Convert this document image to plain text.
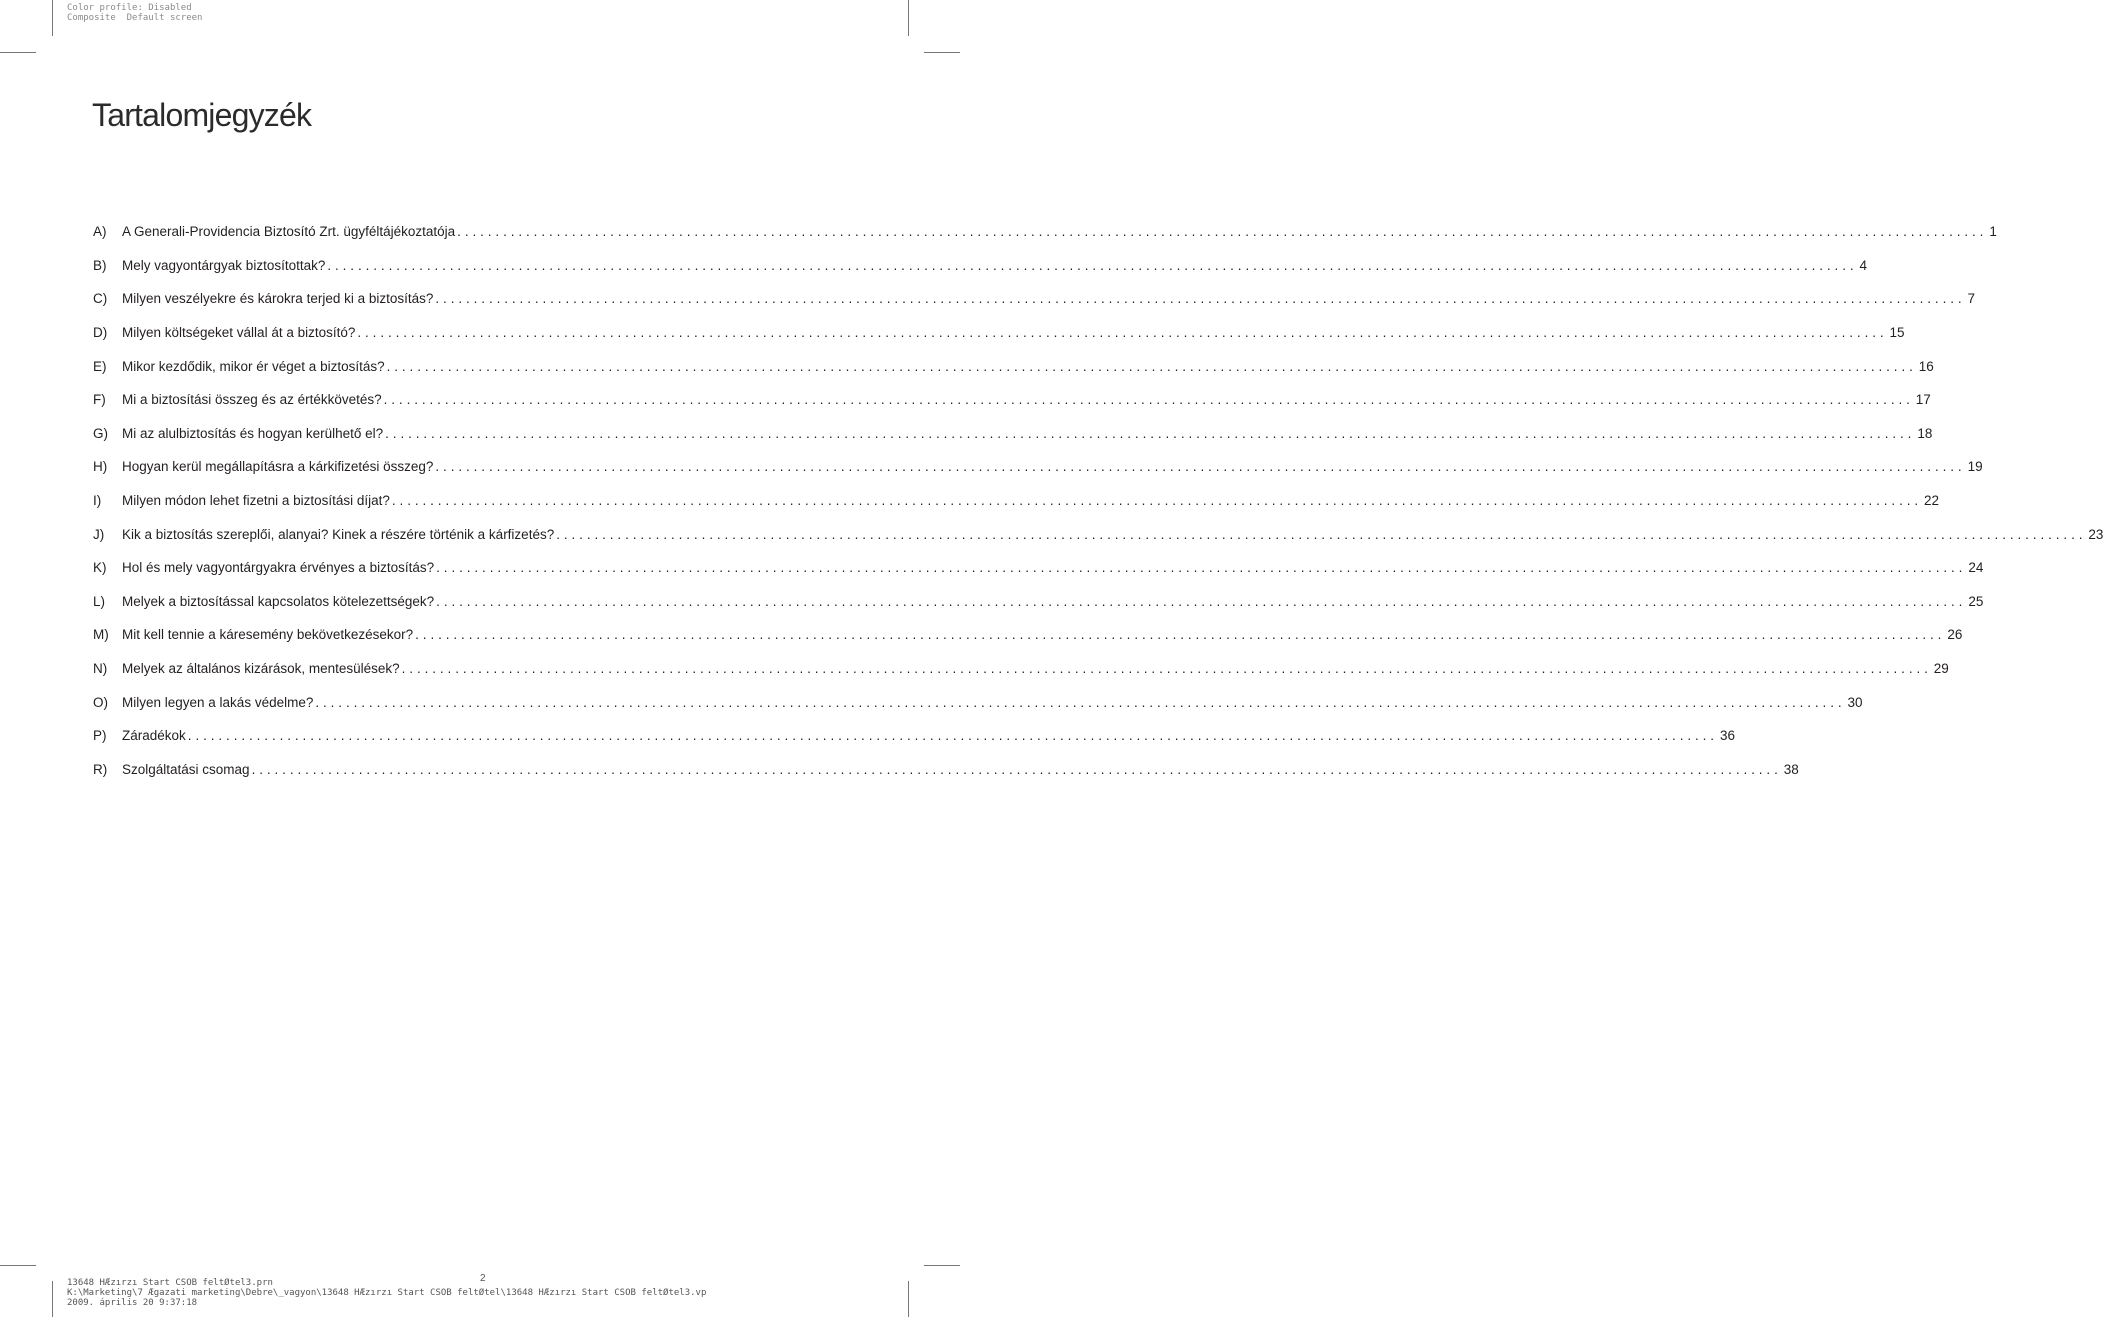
Color profile: Disabled
Composite  Default screen
Tartalomjegyzék
A)	A Generali-Providencia Biztosító Zrt. ügyféltájékoztatója ........................................................................................................................................................................................................ 1
B)	Mely vagyontárgyak biztosítottak? ........................................................................................................................................................................................................ 4
C)	Milyen veszélyekre és károkra terjed ki a biztosítás? ........................................................................................................................................................................................................ 7
D)	Milyen költségeket vállal át a biztosító? ........................................................................................................................................................................................................ 15
E)	Mikor kezdődik, mikor ér véget a biztosítás? ........................................................................................................................................................................................................ 16
F)	Mi a biztosítási összeg és az értékkövetés? ........................................................................................................................................................................................................ 17
G)	Mi az alulbiztosítás és hogyan kerülhető el? ........................................................................................................................................................................................................ 18
H)	Hogyan kerül megállapításra a kárkifizetési összeg? ........................................................................................................................................................................................................ 19
I)	Milyen módon lehet fizetni a biztosítási díjat? ........................................................................................................................................................................................................ 22
J)	Kik a biztosítás szereplői, alanyai? Kinek a részére történik a kárfizetés? ........................................................................................................................................................................................................ 23
K)	Hol és mely vagyontárgyakra érvényes a biztosítás? ........................................................................................................................................................................................................ 24
L)	Melyek a biztosítással kapcsolatos kötelezettségek? ........................................................................................................................................................................................................ 25
M) Mit kell tennie a káresemény bekövetkezésekor? ........................................................................................................................................................................................................ 26
N)	Melyek az általános kizárások, mentesülések? ........................................................................................................................................................................................................ 29
O)	Milyen legyen a lakás védelme? ........................................................................................................................................................................................................ 30
P)	Záradékok ........................................................................................................................................................................................................ 36
R)	Szolgáltatási csomag ........................................................................................................................................................................................................ 38
2
13648 HÆzırzı Start CSOB feltØtel3.prn
K:\Marketing\7 Ægazati marketing\Debre\_vagyon\13648 HÆzırzı Start CSOB feltØtel\13648 HÆzırzı Start CSOB feltØtel3.vp
2009. április 20 9:37:18
